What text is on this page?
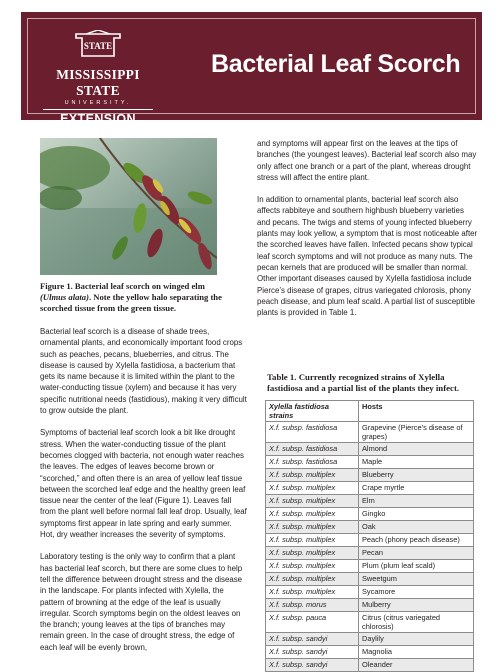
STATE
MISSISSIPPI STATE
UNIVERSITY.
EXTENSION
Bacterial Leaf Scorch
Figure 1. Bacterial leaf scorch on winged elm (Ulmus alata). Note the yellow halo separating the scorched tissue from the green tissue.

Bacterial leaf scorch is a disease of shade trees, ornamental plants, and economically important food crops such as peaches, pecans, blueberries, and citrus. The disease is caused by Xylella fastidiosa, a bacterium that gets its name because it is limited within the plant to the water-conducting tissue (xylem) and because it has very specific nutritional needs (fastidious), making it very difficult to grow outside the plant.

Symptoms of bacterial leaf scorch look a bit like drought stress. When the water-conducting tissue of the plant becomes clogged with bacteria, not enough water reaches the leaves. The edges of leaves become brown or “scorched,” and often there is an area of yellow leaf tissue between the scorched leaf edge and the healthy green leaf tissue near the center of the leaf (Figure 1). Leaves fall from the plant well before normal fall leaf drop. Usually, leaf symptoms first appear in late spring and early summer. Hot, dry weather increases the severity of symptoms.

Laboratory testing is the only way to confirm that a plant has bacterial leaf scorch, but there are some clues to help tell the difference between drought stress and the disease in the landscape. For plants infected with Xylella, the pattern of browning at the edge of the leaf is usually irregular. Scorch symptoms begin on the oldest leaves on the branch; young leaves at the tips of branches may remain green. In the case of drought stress, the edge of each leaf will be evenly brown,

and symptoms will appear first on the leaves at the tips of branches (the youngest leaves). Bacterial leaf scorch also may only affect one branch or a part of the plant, whereas drought stress will affect the entire plant.

In addition to ornamental plants, bacterial leaf scorch also affects rabbiteye and southern highbush blueberry varieties and pecans. The twigs and stems of young infected blueberry plants may look yellow, a symptom that is most noticeable after the scorched leaves have fallen. Infected pecans show typical leaf scorch symptoms and will not produce as many nuts. The pecan kernels that are produced will be smaller than normal. Other important diseases caused by Xylella fastidiosa include Pierce’s disease of grapes, citrus variegated chlorosis, phony peach disease, and plum leaf scald. A partial list of susceptible plants is provided in Table 1.

Table 1. Currently recognized strains of Xylella fastidiosa and a partial list of the plants they infect.
Xylella fastidiosa strains	Hosts
X.f. subsp. fastidiosa	Grapevine (Pierce’s disease of grapes)
X.f. subsp. fastidiosa	Almond
X.f. subsp. fastidiosa	Maple
X.f. subsp. multiplex	Blueberry
X.f. subsp. multiplex	Crape myrtle
X.f. subsp. multiplex	Elm
X.f. subsp. multiplex	Gingko
X.f. subsp. multiplex	Oak
X.f. subsp. multiplex	Peach (phony peach disease)
X.f. subsp. multiplex	Pecan
X.f. subsp. multiplex	Plum (plum leaf scald)
X.f. subsp. multiplex	Sweetgum
X.f. subsp. multiplex	Sycamore
X.f. subsp. morus	Mulberry
X.f. subsp. pauca	Citrus (citrus variegated chlorosis)
X.f. subsp. sandyi	Daylily
X.f. subsp. sandyi	Magnolia
X.f. subsp. sandyi	Oleander
